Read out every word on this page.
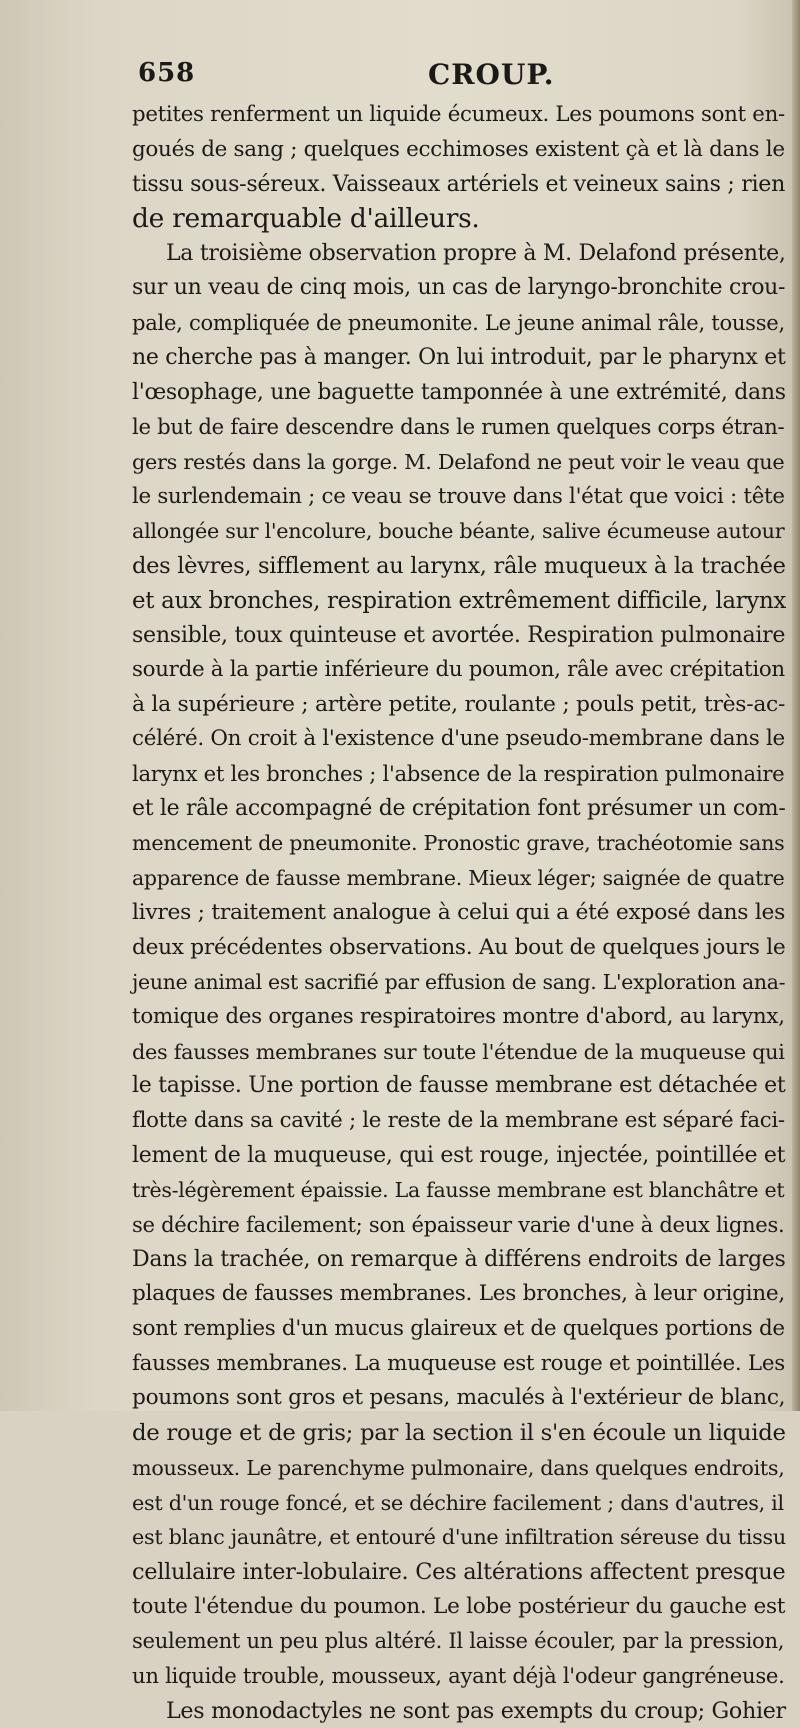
658	CROUP.
petites renferment un liquide écumeux. Les poumons sont en-
goués de sang ; quelques ecchimoses existent çà et là dans le
tissu sous-séreux. Vaisseaux artériels et veineux sains ; rien
de remarquable d'ailleurs.
La troisième observation propre à M. Delafond présente,
sur un veau de cinq mois, un cas de laryngo-bronchite crou-
pale, compliquée de pneumonite. Le jeune animal râle, tousse,
ne cherche pas à manger. On lui introduit, par le pharynx et
l'œsophage, une baguette tamponnée à une extrémité, dans
le but de faire descendre dans le rumen quelques corps étran-
gers restés dans la gorge. M. Delafond ne peut voir le veau que
le surlendemain ; ce veau se trouve dans l'état que voici : tête
allongée sur l'encolure, bouche béante, salive écumeuse autour
des lèvres, sifflement au larynx, râle muqueux à la trachée
et aux bronches, respiration extrêmement difficile, larynx
sensible, toux quinteuse et avortée. Respiration pulmonaire
sourde à la partie inférieure du poumon, râle avec crépitation
à la supérieure ; artère petite, roulante ; pouls petit, très-ac-
céléré. On croit à l'existence d'une pseudo-membrane dans le
larynx et les bronches ; l'absence de la respiration pulmonaire
et le râle accompagné de crépitation font présumer un com-
mencement de pneumonite. Pronostic grave, trachéotomie sans
apparence de fausse membrane. Mieux léger; saignée de quatre
livres ; traitement analogue à celui qui a été exposé dans les
deux précédentes observations. Au bout de quelques jours le
jeune animal est sacrifié par effusion de sang. L'exploration ana-
tomique des organes respiratoires montre d'abord, au larynx,
des fausses membranes sur toute l'étendue de la muqueuse qui
le tapisse. Une portion de fausse membrane est détachée et
flotte dans sa cavité ; le reste de la membrane est séparé faci-
lement de la muqueuse, qui est rouge, injectée, pointillée et
très-légèrement épaissie. La fausse membrane est blanchâtre et
se déchire facilement; son épaisseur varie d'une à deux lignes.
Dans la trachée, on remarque à différens endroits de larges
plaques de fausses membranes. Les bronches, à leur origine,
sont remplies d'un mucus glaireux et de quelques portions de
fausses membranes. La muqueuse est rouge et pointillée. Les
poumons sont gros et pesans, maculés à l'extérieur de blanc,
de rouge et de gris; par la section il s'en écoule un liquide
mousseux. Le parenchyme pulmonaire, dans quelques endroits,
est d'un rouge foncé, et se déchire facilement ; dans d'autres, il
est blanc jaunâtre, et entouré d'une infiltration séreuse du tissu
cellulaire inter-lobulaire. Ces altérations affectent presque
toute l'étendue du poumon. Le lobe postérieur du gauche est
seulement un peu plus altéré. Il laisse écouler, par la pression,
un liquide trouble, mousseux, ayant déjà l'odeur gangréneuse.
Les monodactyles ne sont pas exempts du croup; Gohier
